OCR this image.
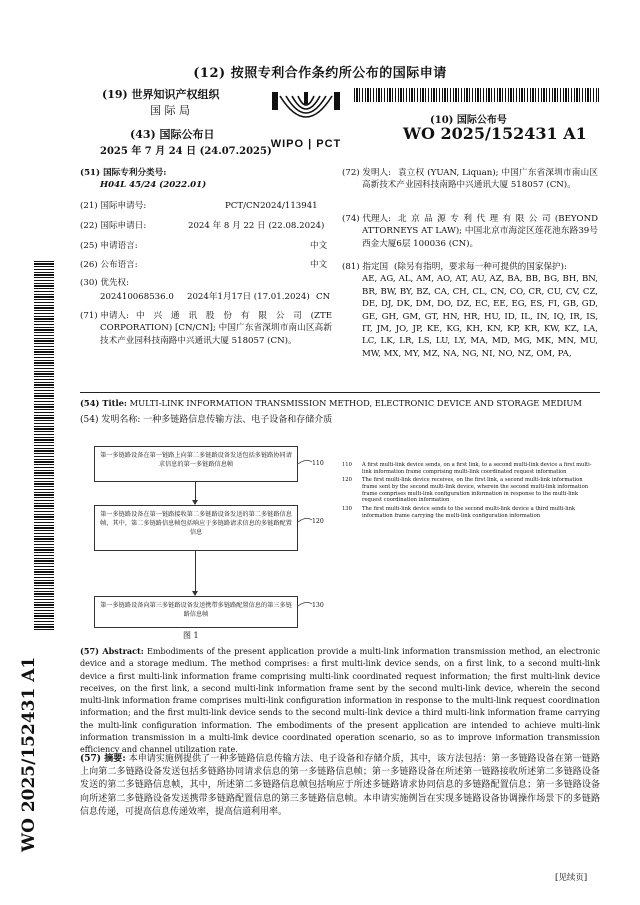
(12) 按照专利合作条约所公布的国际申请
(19) 世界知识产权组织
国 际 局
(43) 国际公布日
2025 年 7 月 24 日 (24.07.2025)
WIPO | PCT
(10) 国际公布号
WO 2025/152431 A1
WO 2025/152431 A1
(51) 国际专利分类号:
H04L 45/24 (2022.01)
(21) 国际申请号:	PCT/CN2024/113941
(22) 国际申请日:	2024 年 8 月 22 日 (22.08.2024)
(25) 申请语言:	中文
(26) 公布语言:	中文
(30) 优先权:
202410068536.0 2024年1月17日 (17.01.2024) CN
(71) 申请人: 中 兴 通 讯 股 份 有 限 公 司 (ZTE CORPORATION) [CN/CN]; 中国广东省深圳市南山区高新技术产业园科技南路中兴通讯大厦 518057 (CN)。
(72) 发明人: 袁立权 (YUAN, Liquan); 中国广东省深圳市南山区高新技术产业园科技南路中兴通讯大厦 518057 (CN)。
(74) 代理人: 北京品源专利代理有限公司(BEYOND ATTORNEYS AT LAW); 中国北京市海淀区莲花池东路39号西金大厦6层 100036 (CN)。
(81) 指定国 (除另有指明，要求每一种可提供的国家保护):
AE, AG, AL, AM, AO, AT, AU, AZ, BA, BB, BG, BH, BN, BR, BW, BY, BZ, CA, CH, CL, CN, CO, CR, CU, CV, CZ, DE, DJ, DK, DM, DO, DZ, EC, EE, EG, ES, FI, GB, GD, GE, GH, GM, GT, HN, HR, HU, ID, IL, IN, IQ, IR, IS, IT, JM, JO, JP, KE, KG, KH, KN, KP, KR, KW, KZ, LA, LC, LK, LR, LS, LU, LY, MA, MD, MG, MK, MN, MU, MW, MX, MY, MZ, NA, NG, NI, NO, NZ, OM, PA,
(54) Title: MULTI-LINK INFORMATION TRANSMISSION METHOD, ELECTRONIC DEVICE AND STORAGE MEDIUM
(54) 发明名称: 一种多链路信息传输方法、电子设备和存储介质
第一多链路设备在第一链路上向第二多链路设备发送包括多链路协同请求信息的第一多链路信息帧	110
第一多链路设备在第一链路接收第二多链路设备发送的第二多链路信息帧，其中，第二多链路信息帧包括响应于多链路请求信息的多链路配置信息
120
第一多链路设备向第三多链路设备发送携带多链路配置信息的第三多链路信息帧
130
110 A first multi-link device sends, on a first link, to a second multi-link device a first multi-link information frame comprising multi-link coordinated request information
120 The first multi-link device receives, on the first link, a second multi-link information frame sent by the second multi-link device, wherein the second multi-link information frame comprises multi-link configuration information in response to the multi-link request coordination information
130 The first multi-link device sends to the second multi-link device a third multi-link information frame carrying the multi-link configuration information
图 1
(57) Abstract: Embodiments of the present application provide a multi-link information transmission method, an electronic device and a storage medium. The method comprises: a first multi-link device sends, on a first link, to a second multi-link device a first multi-link information frame comprising multi-link coordinated request information; the first multi-link device receives, on the first link, a second multi-link information frame sent by the second multi-link device, wherein the second multi-link information frame comprises multi-link configuration information in response to the multi-link request coordination information; and the first multi-link device sends to the second multi-link device a third multi-link information frame carrying the multi-link configuration information. The embodiments of the present application are intended to achieve multi-link information transmission in a multi-link device coordinated operation scenario, so as to improve information transmission efficiency and channel utilization rate.
(57) 摘要: 本申请实施例提供了一种多链路信息传输方法、电子设备和存储介质，其中，该方法包括：第一多链路设备在第一链路上向第二多链路设备发送包括多链路协同请求信息的第一多链路信息帧；第一多链路设备在所述第一链路接收所述第二多链路设备发送的第二多链路信息帧，其中，所述第二多链路信息帧包括响应于所述多链路请求协同信息的多链路配置信息；第一多链路设备向所述第二多链路设备发送携带多链路配置信息的第三多链路信息帧。本申请实施例旨在实现多链路设备协调操作场景下的多链路信息传递，可提高信息传递效率，提高信道利用率。
[见续页]
